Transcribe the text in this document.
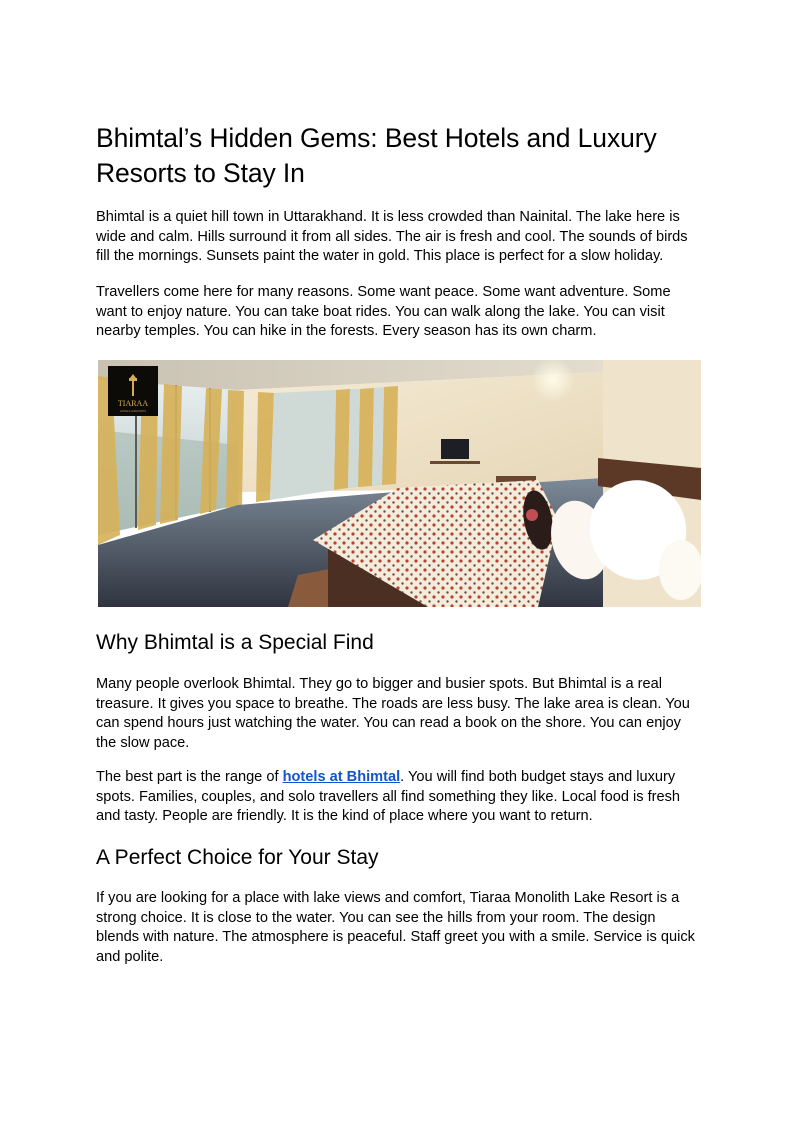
Bhimtal’s Hidden Gems: Best Hotels and Luxury Resorts to Stay In

Bhimtal is a quiet hill town in Uttarakhand. It is less crowded than Nainital. The lake here is wide and calm. Hills surround it from all sides. The air is fresh and cool. The sounds of birds fill the mornings. Sunsets paint the water in gold. This place is perfect for a slow holiday.

Travellers come here for many reasons. Some want peace. Some want adventure. Some want to enjoy nature. You can take boat rides. You can walk along the lake. You can visit nearby temples. You can hike in the forests. Every season has its own charm.

TIARAA
HOTELS & RESORTS
Why Bhimtal is a Special Find

Many people overlook Bhimtal. They go to bigger and busier spots. But Bhimtal is a real treasure. It gives you space to breathe. The roads are less busy. The lake area is clean. You can spend hours just watching the water. You can read a book on the shore. You can enjoy the slow pace.

The best part is the range of hotels at Bhimtal. You will find both budget stays and luxury spots. Families, couples, and solo travellers all find something they like. Local food is fresh and tasty. People are friendly. It is the kind of place where you want to return.

A Perfect Choice for Your Stay

If you are looking for a place with lake views and comfort, Tiaraa Monolith Lake Resort is a strong choice. It is close to the water. You can see the hills from your room. The design blends with nature. The atmosphere is peaceful. Staff greet you with a smile. Service is quick and polite.
